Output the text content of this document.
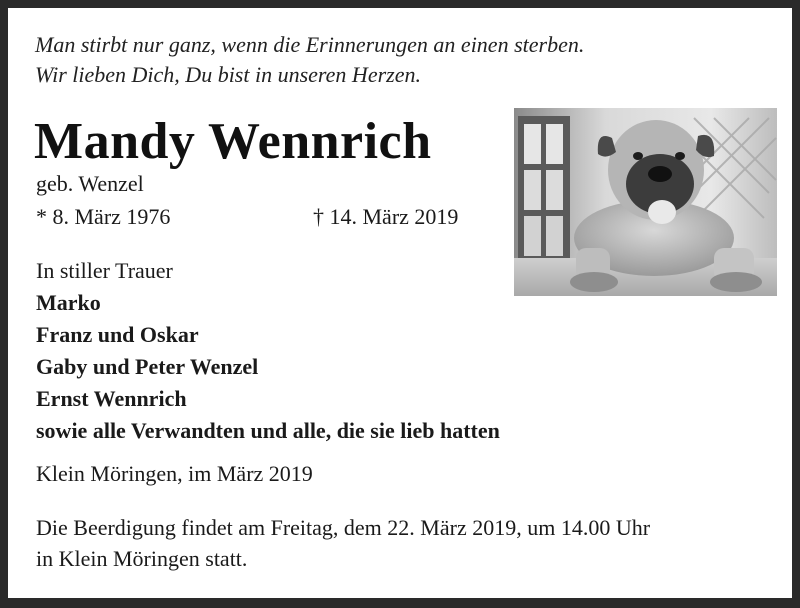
Man stirbt nur ganz, wenn die Erinnerungen an einen sterben.
Wir lieben Dich, Du bist in unseren Herzen.
Mandy Wennrich
geb. Wenzel
* 8. März 1976	† 14. März 2019
In stiller Trauer
Marko
Franz und Oskar
Gaby und Peter Wenzel
Ernst Wennrich
sowie alle Verwandten und alle, die sie lieb hatten
Klein Möringen, im März 2019
Die Beerdigung findet am Freitag, dem 22. März 2019, um 14.00 Uhr
in Klein Möringen statt.
